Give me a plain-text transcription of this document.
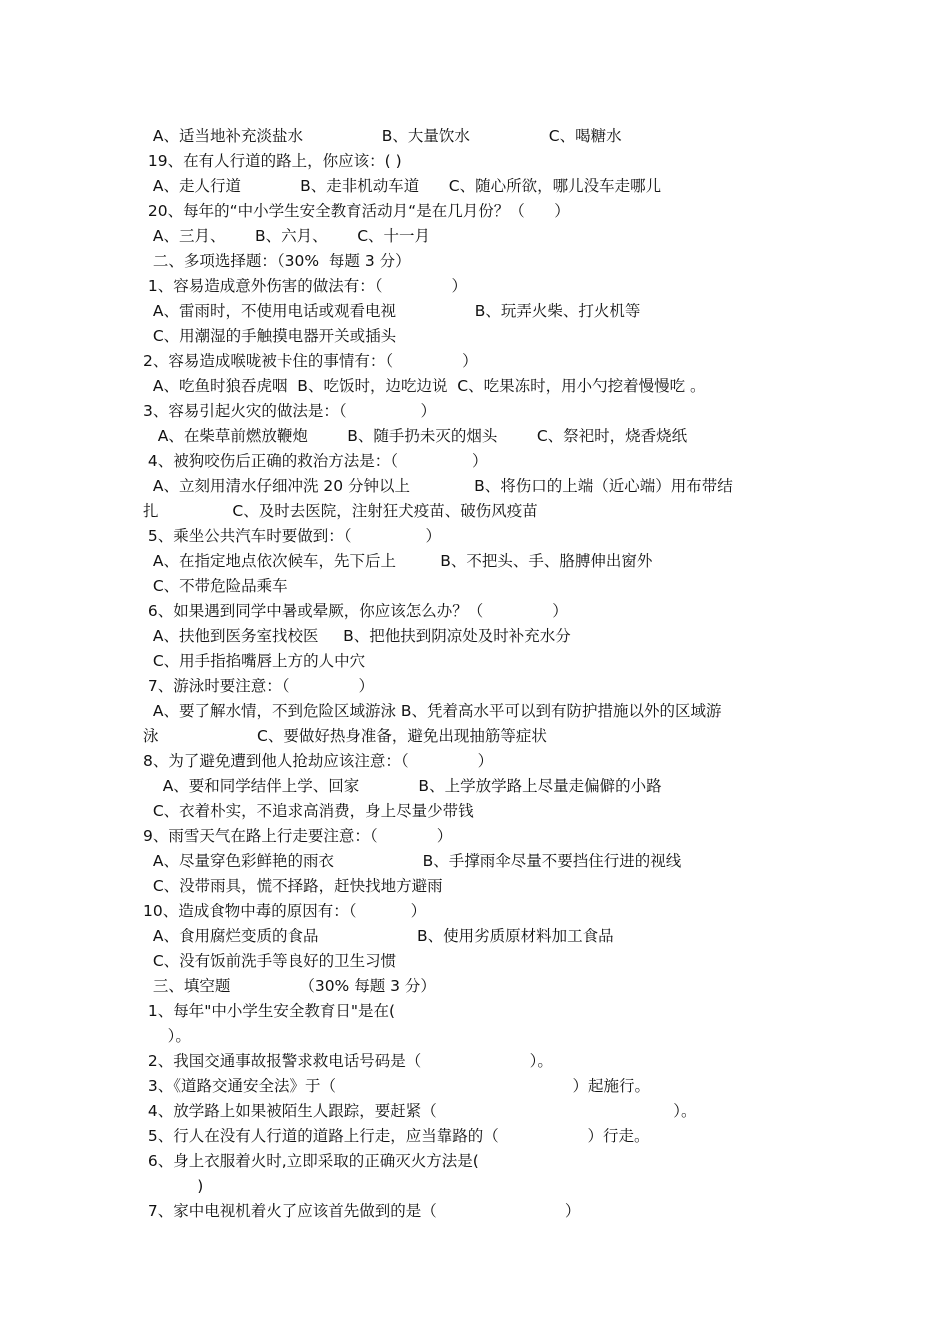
A、适当地补充淡盐水                B、大量饮水                C、喝糖水
19、在有人行道的路上，你应该：( )
A、走人行道            B、走非机动车道      C、随心所欲，哪儿没车走哪儿
20、每年的“中小学生安全教育活动月“是在几月份？（      ）
A、三月、      B、六月、      C、十一月
二、多项选择题：（30%  每题 3 分）
1、容易造成意外伤害的做法有：（              ）
A、雷雨时，不使用电话或观看电视                B、玩弄火柴、打火机等
C、用潮湿的手触摸电器开关或插头
2、容易造成喉咙被卡住的事情有：（              ）
A、吃鱼时狼吞虎咽  B、吃饭时，边吃边说  C、吃果冻时，用小勺挖着慢慢吃 。
3、容易引起火灾的做法是：（               ）
A、在柴草前燃放鞭炮        B、随手扔未灭的烟头        C、祭祀时，烧香烧纸
4、被狗咬伤后正确的救治方法是：（               ）
A、立刻用清水仔细冲洗 20 分钟以上             B、将伤口的上端（近心端）用布带结
扎               C、及时去医院，注射狂犬疫苗、破伤风疫苗
5、乘坐公共汽车时要做到：（               ）
A、在指定地点依次候车，先下后上         B、不把头、手、胳膊伸出窗外
C、不带危险品乘车
6、如果遇到同学中暑或晕厥，你应该怎么办？（              ）
A、扶他到医务室找校医     B、把他扶到阴凉处及时补充水分
C、用手指掐嘴唇上方的人中穴
7、游泳时要注意：（              ）
A、要了解水情，不到危险区域游泳 B、凭着高水平可以到有防护措施以外的区域游
泳                    C、要做好热身准备，避免出现抽筋等症状
8、为了避免遭到他人抢劫应该注意：（              ）
A、要和同学结伴上学、回家            B、上学放学路上尽量走偏僻的小路
C、衣着朴实，不追求高消费，身上尽量少带钱
9、雨雪天气在路上行走要注意：（            ）
A、尽量穿色彩鲜艳的雨衣                  B、手撑雨伞尽量不要挡住行进的视线
C、没带雨具，慌不择路，赶快找地方避雨
10、造成食物中毒的原因有：（           ）
A、食用腐烂变质的食品                    B、使用劣质原材料加工食品
C、没有饭前洗手等良好的卫生习惯
三、填空题              （30% 每题 3 分）
1、每年"中小学生安全教育日"是在(
）。
2、我国交通事故报警求救电话号码是（                      ）。
3、《道路交通安全法》于（                                                ）起施行。
4、放学路上如果被陌生人跟踪，要赶紧（                                                ）。
5、行人在没有人行道的道路上行走，应当靠路的（                  ）行走。
6、身上衣服着火时,立即采取的正确灭火方法是(
)
7、家中电视机着火了应该首先做到的是（                          ）
